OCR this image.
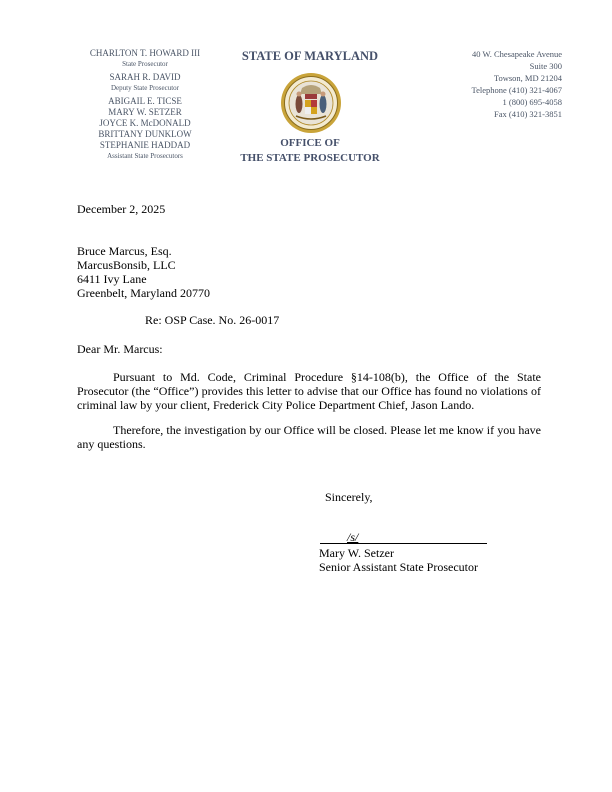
CHARLTON T. HOWARD III
State Prosecutor
SARAH R. DAVID
Deputy State Prosecutor
ABIGAIL E. TICSE
MARY W. SETZER
JOYCE K. McDONALD
BRITTANY DUNKLOW
STEPHANIE HADDAD
Assistant State Prosecutors
STATE OF MARYLAND
OFFICE OF
THE STATE PROSECUTOR
40 W. Chesapeake Avenue
Suite 300
Towson, MD 21204
Telephone (410) 321-4067
1 (800) 695-4058
Fax (410) 321-3851
December 2, 2025
Bruce Marcus, Esq.
MarcusBonsib, LLC
6411 Ivy Lane
Greenbelt, Maryland 20770
Re: OSP Case. No. 26-0017
Dear Mr. Marcus:
Pursuant to Md. Code, Criminal Procedure §14-108(b), the Office of the State Prosecutor (the “Office”) provides this letter to advise that our Office has found no violations of criminal law by your client, Frederick City Police Department Chief, Jason Lando.
Therefore, the investigation by our Office will be closed. Please let me know if you have any questions.
Sincerely,
/s/
Mary W. Setzer
Senior Assistant State Prosecutor
